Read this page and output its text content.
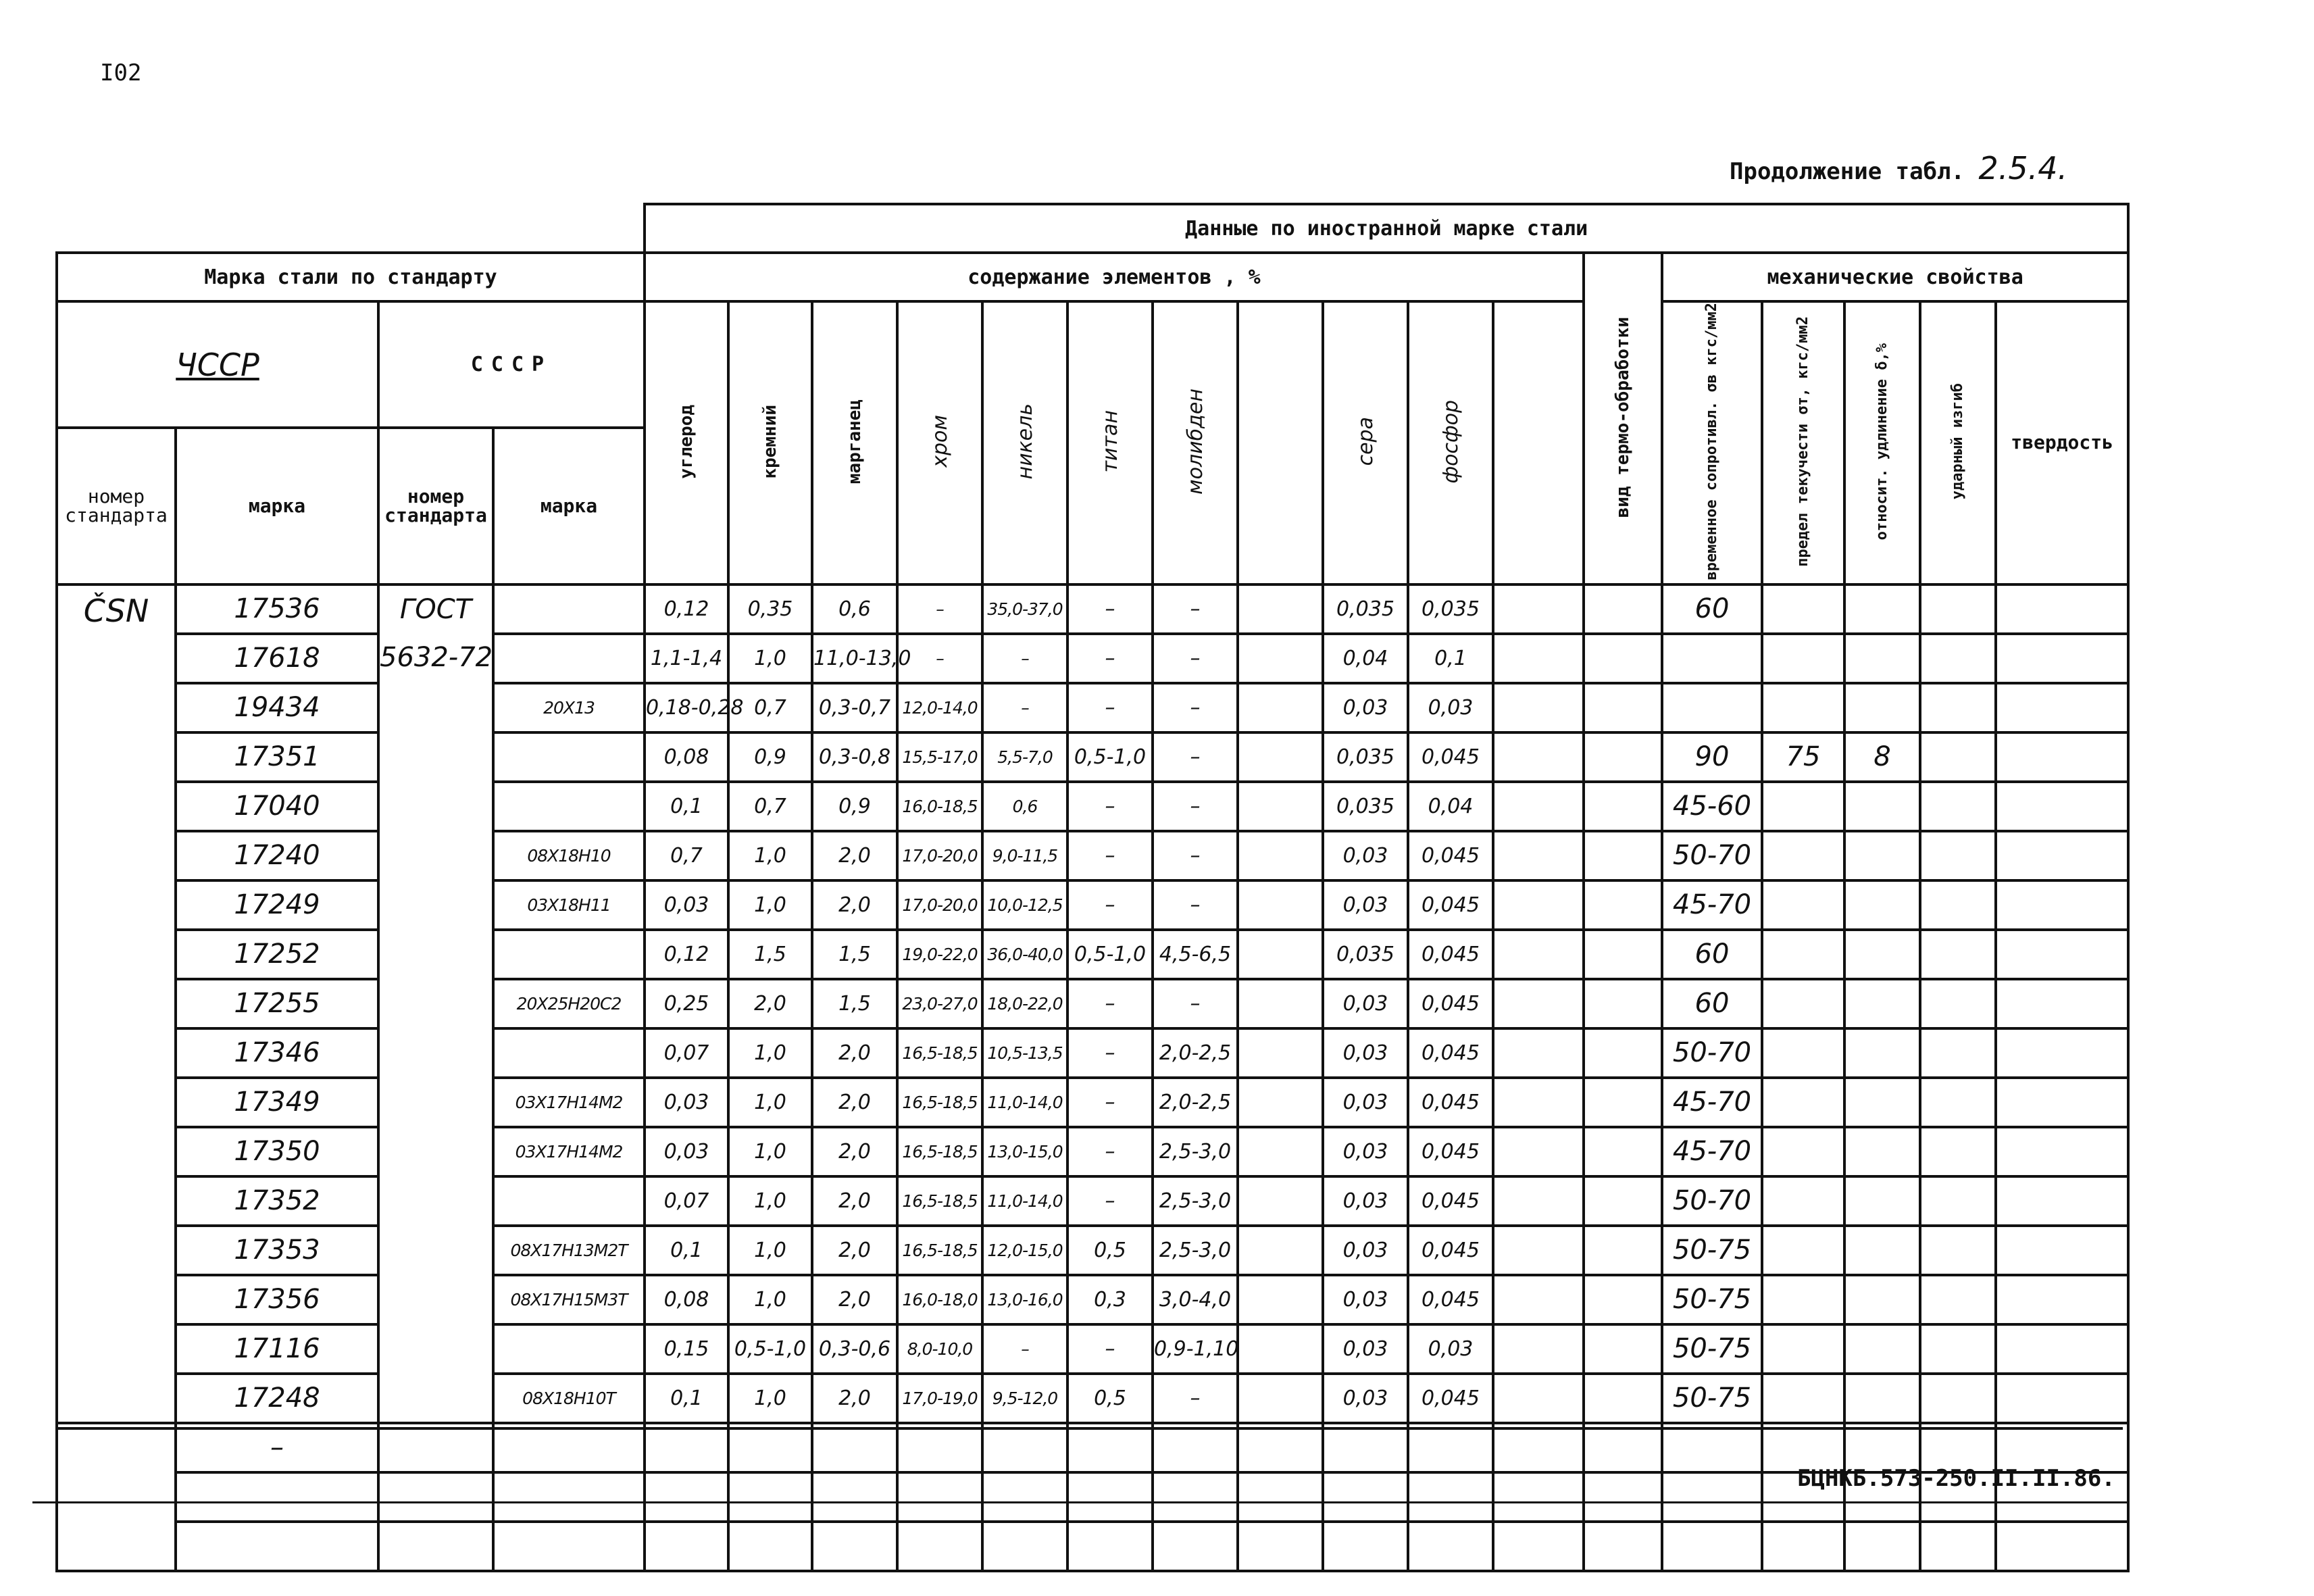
I02
Продолжение табл. 2.5.4.
				Данные по иностранной марке стали																
Марка стали по стандарту				содержание элементов , %											вид термо-обработки	механические свойства				
ЧССР		СССР		углерод	кремний	марганец	хром	никель	титан	молибден		сера	фосфор			временное сопротивл. σв кгс/мм2	предел текучести σт, кгс/мм2	относит. удлинение δ,%	ударный изгиб	твердость
номер стандарта	марка	номер стандарта	марка																	
ČSN	17536	ГОСТ		0,12	0,35	0,6	–	35,0-37,0	–	–		0,035	0,035			60				
	17618	5632-72		1,1-1,4	1,0	11,0-13,0	–	–	–	–		0,04	0,1							
	19434		20Х13	0,18-0,28	0,7	0,3-0,7	12,0-14,0	–	–	–		0,03	0,03							
	17351			0,08	0,9	0,3-0,8	15,5-17,0	5,5-7,0	0,5-1,0	–		0,035	0,045			90	75	8		
	17040			0,1	0,7	0,9	16,0-18,5	0,6	–	–		0,035	0,04			45-60				
	17240		08Х18Н10	0,7	1,0	2,0	17,0-20,0	9,0-11,5	–	–		0,03	0,045			50-70				
	17249		03Х18Н11	0,03	1,0	2,0	17,0-20,0	10,0-12,5	–	–		0,03	0,045			45-70				
	17252			0,12	1,5	1,5	19,0-22,0	36,0-40,0	0,5-1,0	4,5-6,5		0,035	0,045			60				
	17255		20Х25Н20С2	0,25	2,0	1,5	23,0-27,0	18,0-22,0	–	–		0,03	0,045			60				
	17346			0,07	1,0	2,0	16,5-18,5	10,5-13,5	–	2,0-2,5		0,03	0,045			50-70				
	17349		03Х17Н14М2	0,03	1,0	2,0	16,5-18,5	11,0-14,0	–	2,0-2,5		0,03	0,045			45-70				
	17350		03Х17Н14М2	0,03	1,0	2,0	16,5-18,5	13,0-15,0	–	2,5-3,0		0,03	0,045			45-70				
	17352			0,07	1,0	2,0	16,5-18,5	11,0-14,0	–	2,5-3,0		0,03	0,045			50-70				
	17353		08Х17Н13М2Т	0,1	1,0	2,0	16,5-18,5	12,0-15,0	0,5	2,5-3,0		0,03	0,045			50-75				
	17356		08Х17Н15М3Т	0,08	1,0	2,0	16,0-18,0	13,0-16,0	0,3	3,0-4,0		0,03	0,045			50-75				
	17116			0,15	0,5-1,0	0,3-0,6	8,0-10,0	–	–	0,9-1,10		0,03	0,03			50-75				
	17248		08Х18Н10Т	0,1	1,0	2,0	17,0-19,0	9,5-12,0	0,5	–		0,03	0,045			50-75				
	–																			

БЦНКБ.573-250.II.II.86.
